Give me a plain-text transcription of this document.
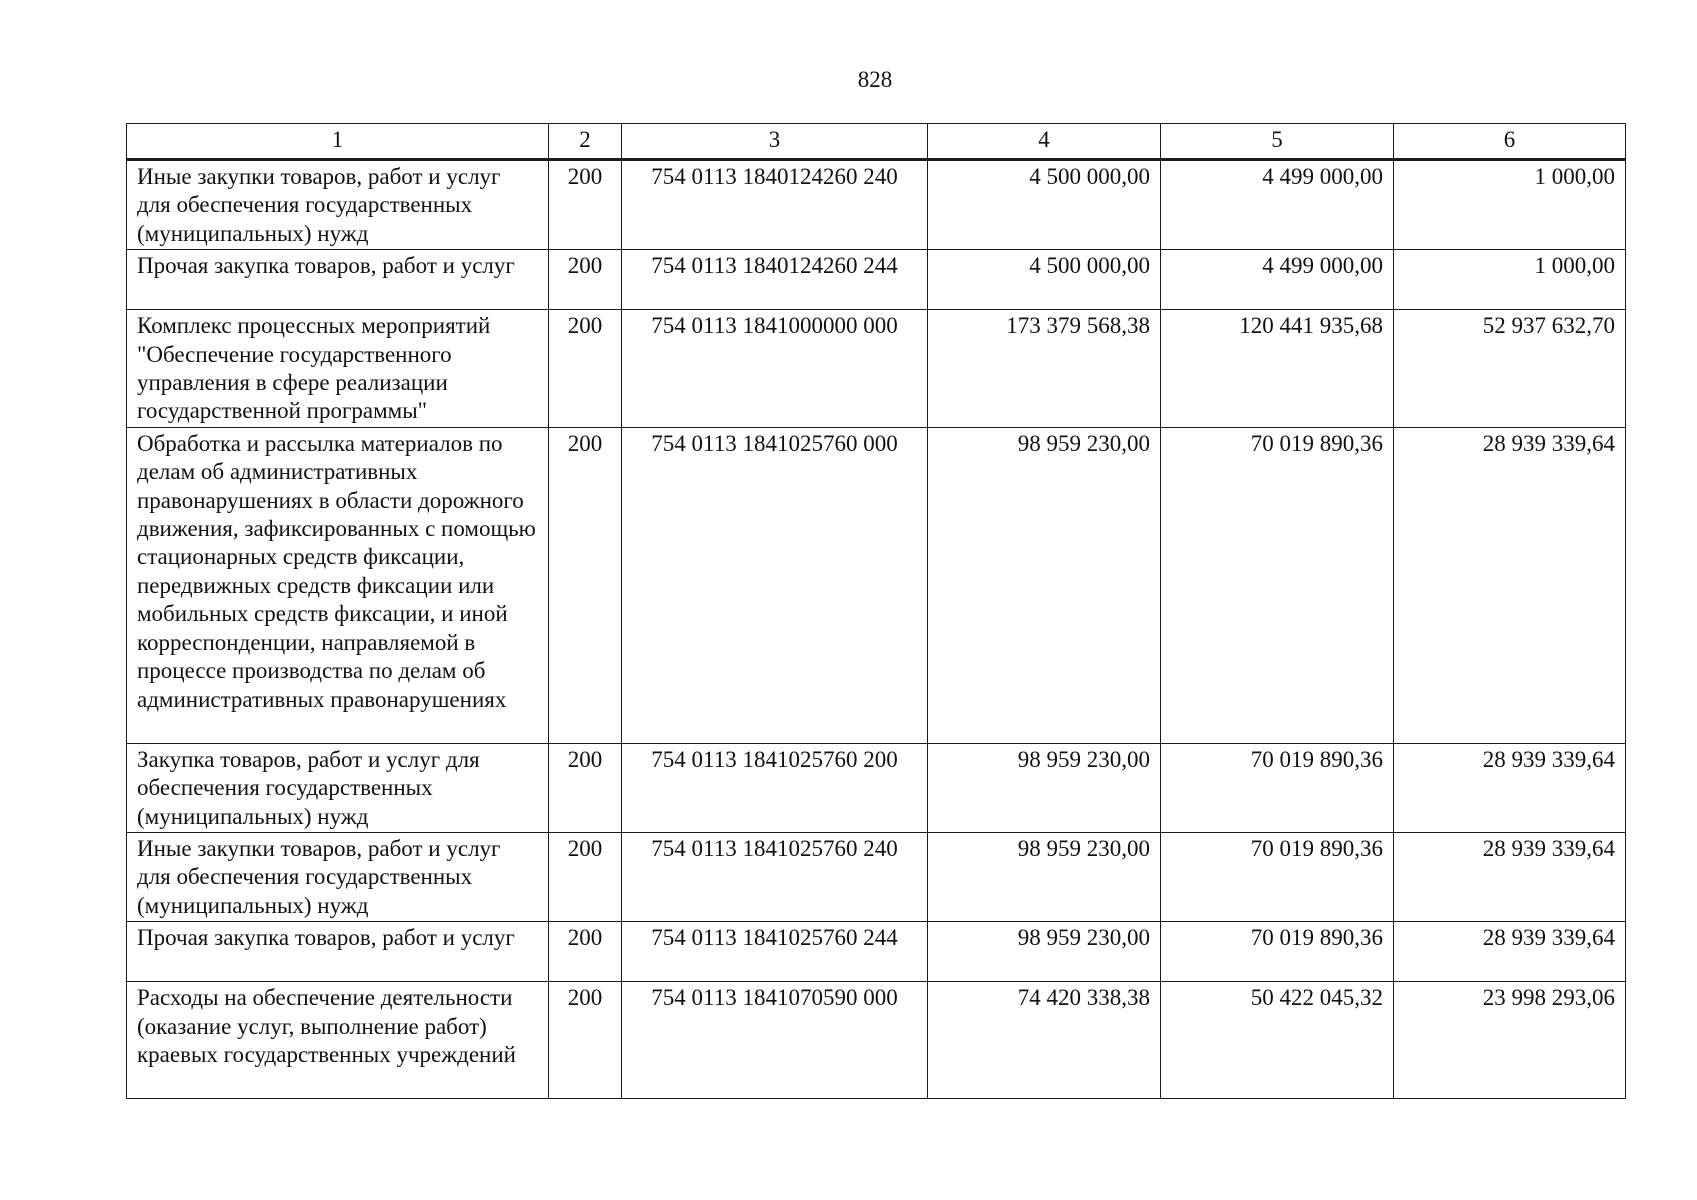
828
1	2	3	4	5	6
Иные закупки товаров, работ и услуг для обеспечения государственных (муниципальных) нужд	200	754 0113 1840124260 240	4 500 000,00	4 499 000,00	1 000,00
Прочая закупка товаров, работ и услуг	200	754 0113 1840124260 244	4 500 000,00	4 499 000,00	1 000,00
Комплекс процессных мероприятий "Обеспечение государственного управления в сфере реализации государственной программы"	200	754 0113 1841000000 000	173 379 568,38	120 441 935,68	52 937 632,70
Обработка и рассылка материалов по делам об административных правонарушениях в области дорожного движения, зафиксированных с помощью стационарных средств фиксации, передвижных средств фиксации или мобильных средств фиксации, и иной корреспонденции, направляемой в процессе производства по делам об административных правонарушениях	200	754 0113 1841025760 000	98 959 230,00	70 019 890,36	28 939 339,64
Закупка товаров, работ и услуг для обеспечения государственных (муниципальных) нужд	200	754 0113 1841025760 200	98 959 230,00	70 019 890,36	28 939 339,64
Иные закупки товаров, работ и услуг для обеспечения государственных (муниципальных) нужд	200	754 0113 1841025760 240	98 959 230,00	70 019 890,36	28 939 339,64
Прочая закупка товаров, работ и услуг	200	754 0113 1841025760 244	98 959 230,00	70 019 890,36	28 939 339,64
Расходы на обеспечение деятельности (оказание услуг, выполнение работ) краевых государственных учреждений	200	754 0113 1841070590 000	74 420 338,38	50 422 045,32	23 998 293,06
